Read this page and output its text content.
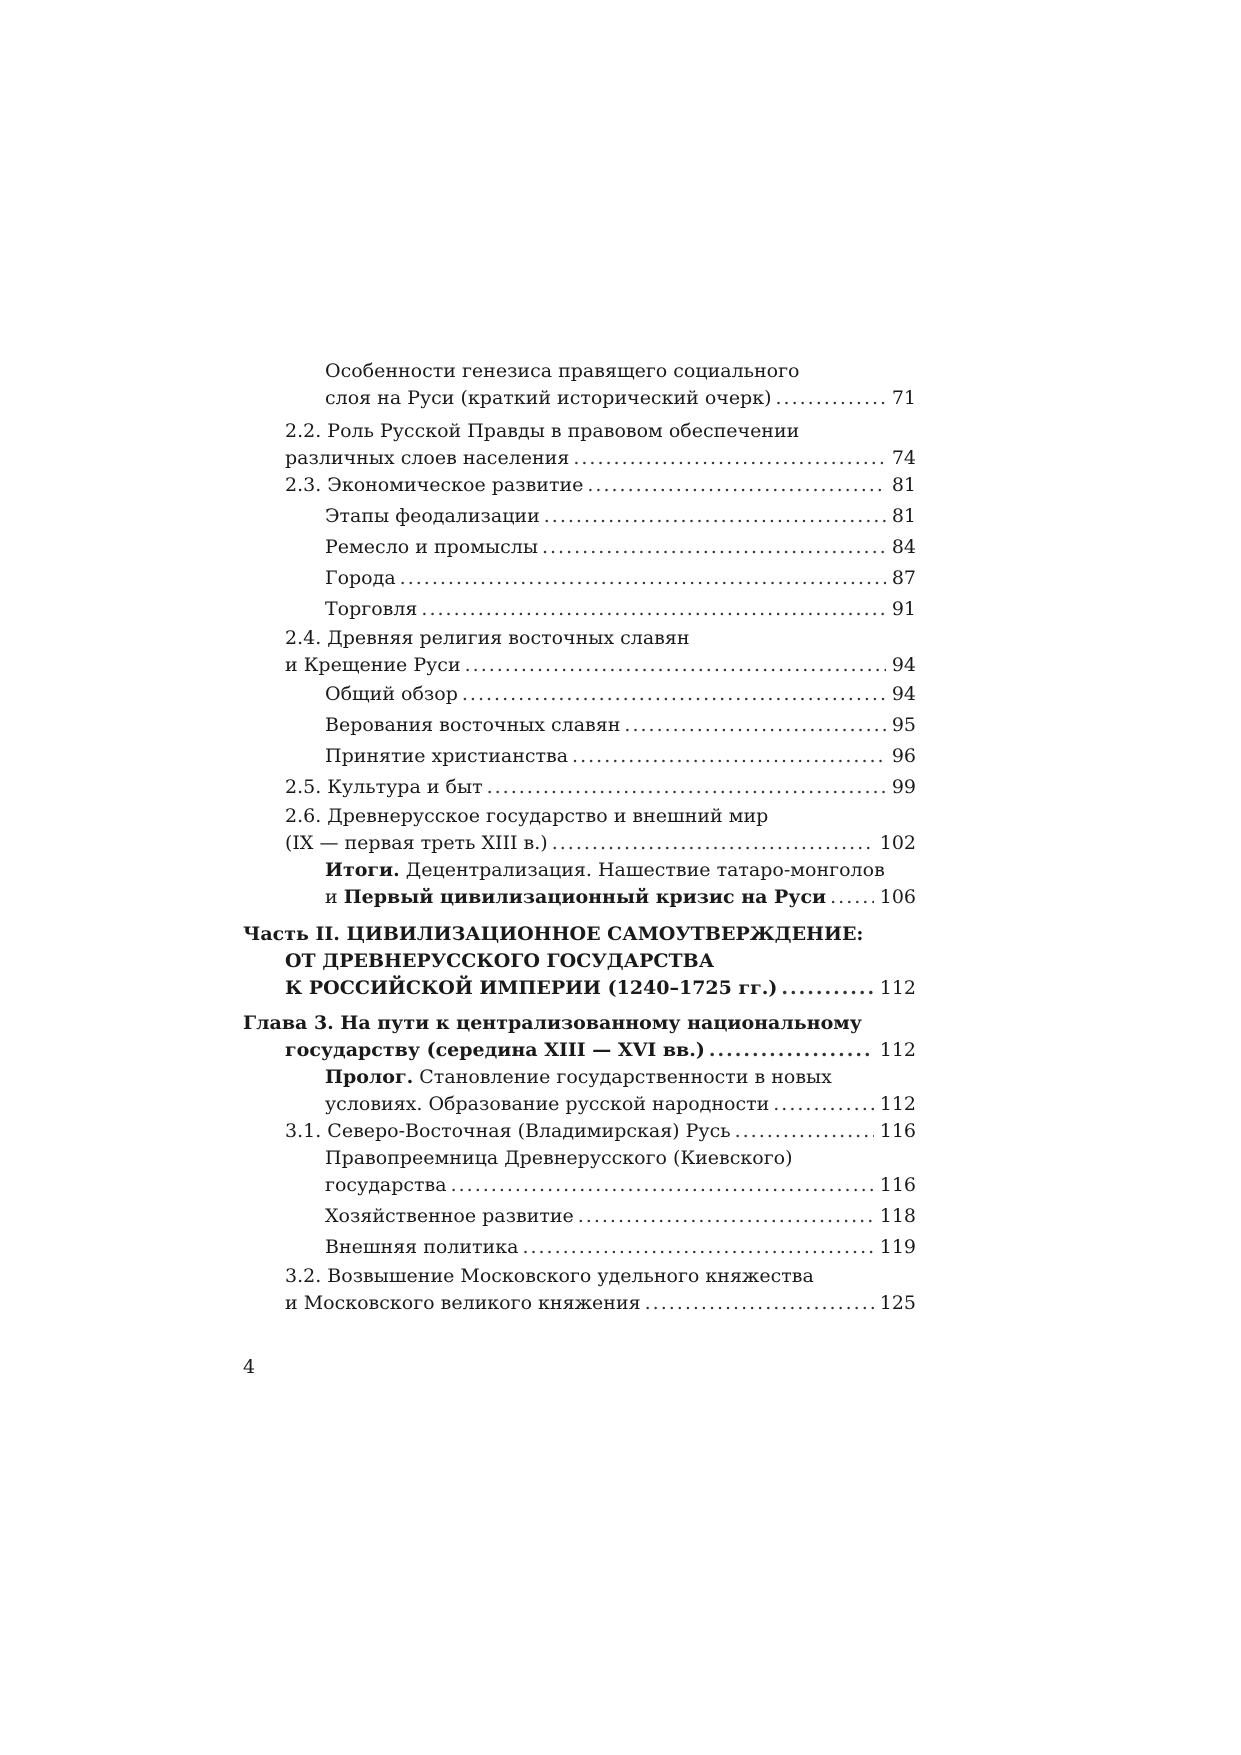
Особенности генезиса правящего социального
слоя на Руси (краткий исторический очерк) .....	71
2.2. Роль Русской Правды в правовом обеспечении
различных слоев населения .....	74
2.3. Экономическое развитие .....	81
Этапы феодализации .....	81
Ремесло и промыслы .....	84
Города .....	87
Торговля .....	91
2.4. Древняя религия восточных славян
и Крещение Руси .....	94
Общий обзор .....	94
Верования восточных славян .....	95
Принятие христианства .....	96
2.5. Культура и быт .....	99
2.6. Древнерусское государство и внешний мир
(IX — первая треть XIII в.) .....	102
Итоги. Децентрализация. Нашествие татаро-монголов
и Первый цивилизационный кризис на Руси .....	106
Часть II. ЦИВИЛИЗАЦИОННОЕ САМОУТВЕРЖДЕНИЕ:
ОТ ДРЕВНЕРУССКОГО ГОСУДАРСТВА
К РОССИЙСКОЙ ИМПЕРИИ (1240–1725 гг.) .....	112
Глава 3. На пути к централизованному национальному
государству (середина XIII — XVI вв.) .....	112
Пролог. Становление государственности в новых
условиях. Образование русской народности .....	112
3.1. Северо-Восточная (Владимирская) Русь .....	116
Правопреемница Древнерусского (Киевского)
государства .....	116
Хозяйственное развитие .....	118
Внешняя политика .....	119
3.2. Возвышение Московского удельного княжества
и Московского великого княжения .....	125
4
